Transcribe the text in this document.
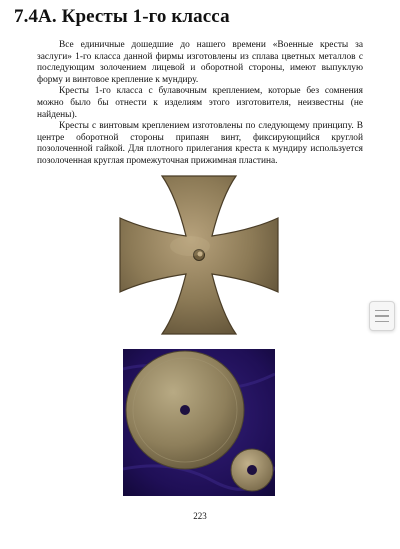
7.4А. Кресты 1-го класса

Все единичные дошедшие до нашего времени «Военные кресты за заслуги» 1-го класса данной фирмы изготовлены из сплава цветных металлов с последующим золочением лицевой и оборотной стороны, имеют выпуклую форму и винтовое крепление к мундиру.

Кресты 1-го класса с булавочным креплением, которые без сомнения можно было бы отнести к изделиям этого изготовителя, неизвестны (не найдены).

Кресты с винтовым креплением изготовлены по следующему принципу. В центре оборотной стороны припаян винт, фиксирующийся круглой позолоченной гайкой. Для плотного прилегания креста к мундиру используется позолоченная круглая промежуточная прижимная пластина.

223
